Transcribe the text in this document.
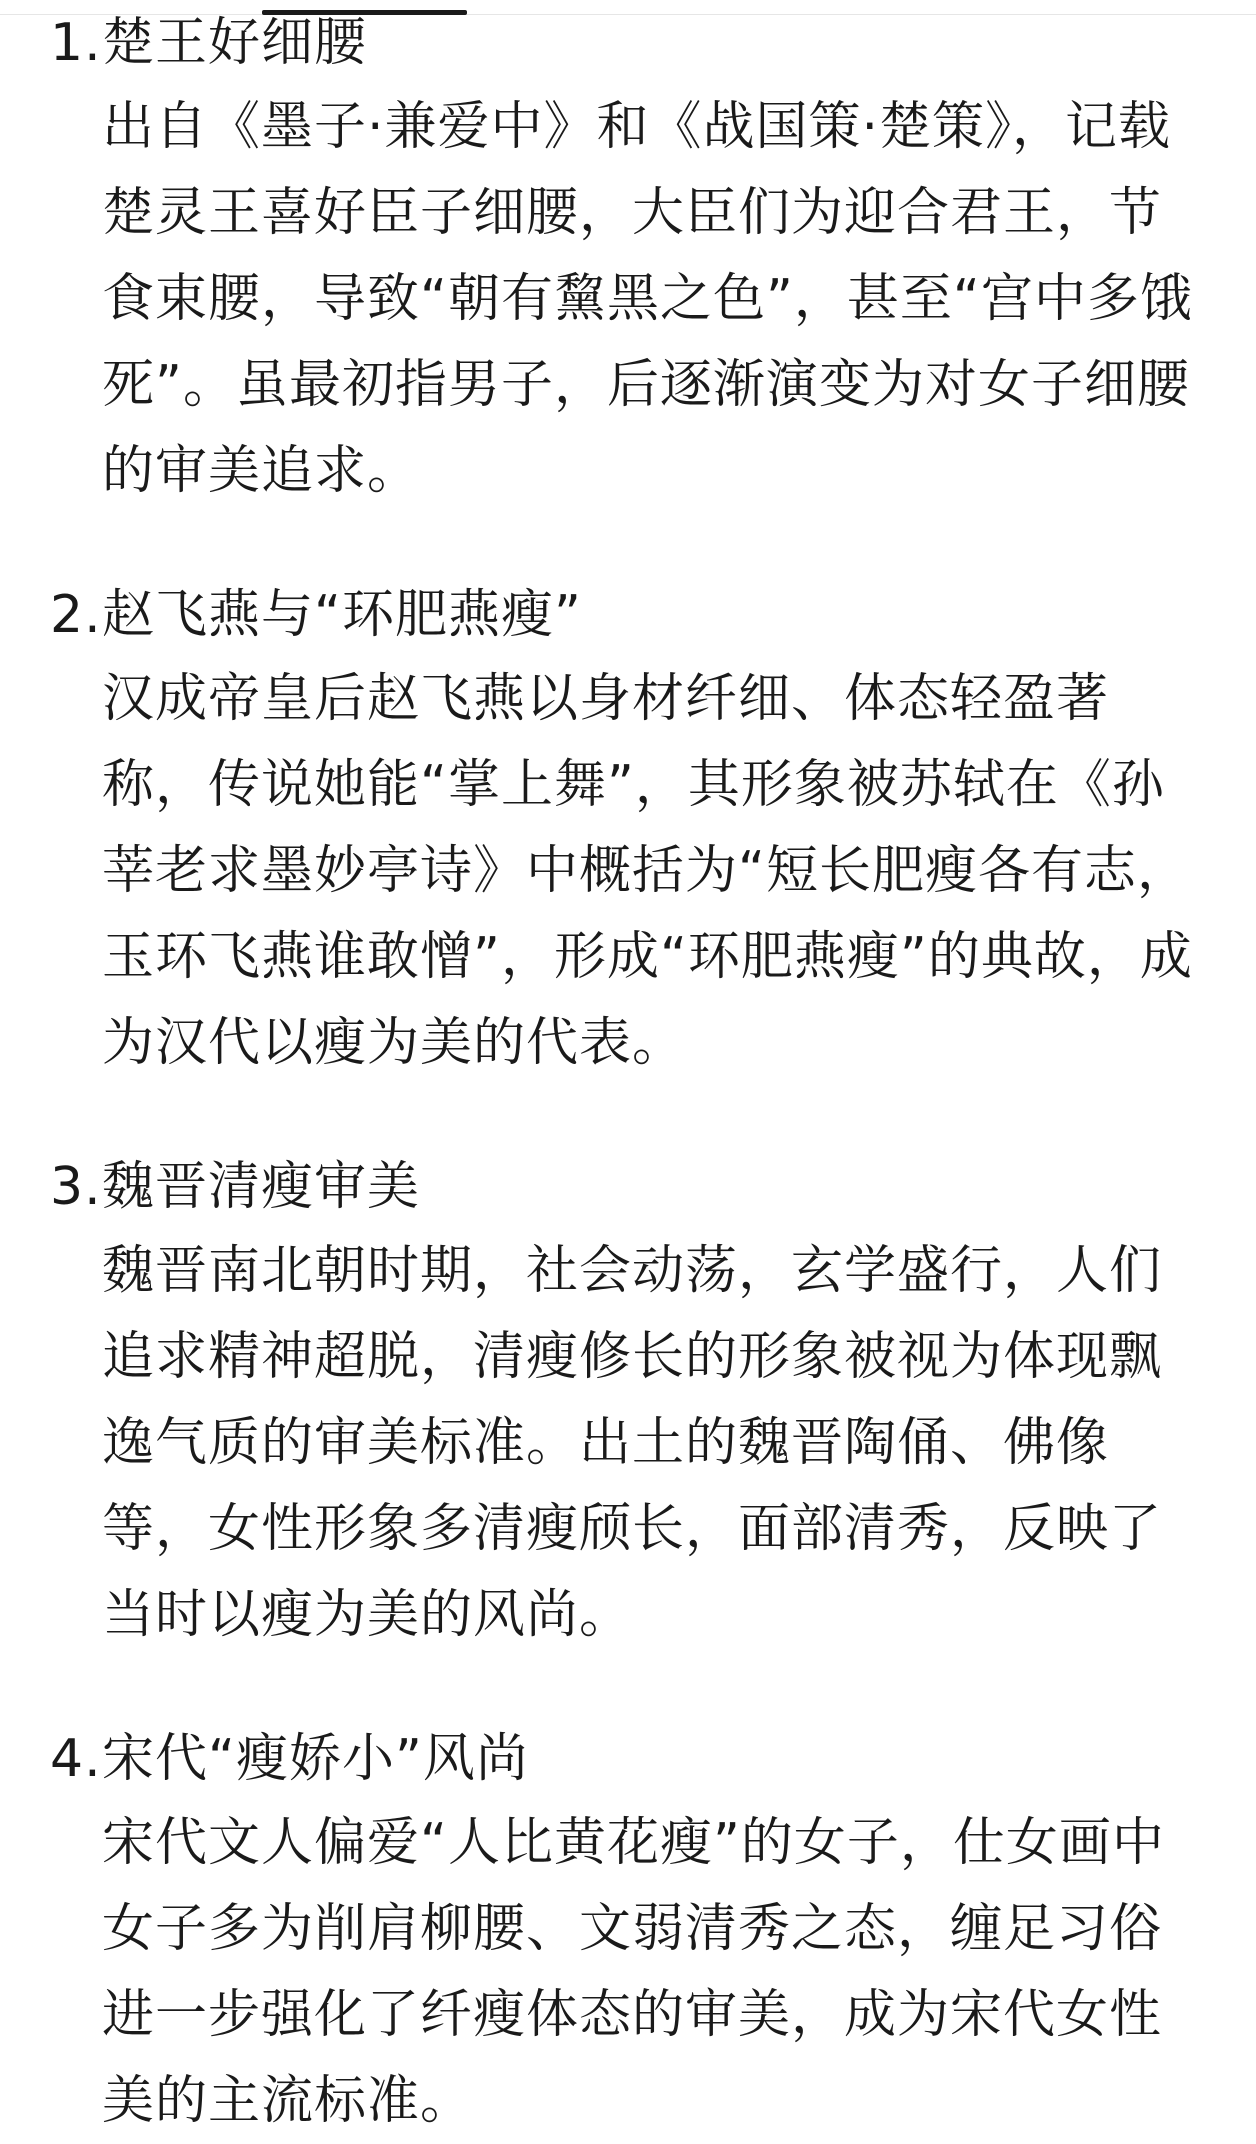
1. 楚王好细腰
出自《墨子·兼爱中》和《战国策·楚策》，记载楚灵王喜好臣子细腰，大臣们为迎合君王，节食束腰，导致“朝有黧黑之色”，甚至“宫中多饿死”。虽最初指男子，后逐渐演变为对女子细腰的审美追求。
2. 赵飞燕与“环肥燕瘦”
汉成帝皇后赵飞燕以身材纤细、体态轻盈著称，传说她能“掌上舞”，其形象被苏轼在《孙莘老求墨妙亭诗》中概括为“短长肥瘦各有志，玉环飞燕谁敢憎”，形成“环肥燕瘦”的典故，成为汉代以瘦为美的代表。
3. 魏晋清瘦审美
魏晋南北朝时期，社会动荡，玄学盛行，人们追求精神超脱，清瘦修长的形象被视为体现飘逸气质的审美标准。出土的魏晋陶俑、佛像等，女性形象多清瘦颀长，面部清秀，反映了当时以瘦为美的风尚。
4. 宋代“瘦娇小”风尚
宋代文人偏爱“人比黄花瘦”的女子，仕女画中女子多为削肩柳腰、文弱清秀之态，缠足习俗进一步强化了纤瘦体态的审美，成为宋代女性美的主流标准。
